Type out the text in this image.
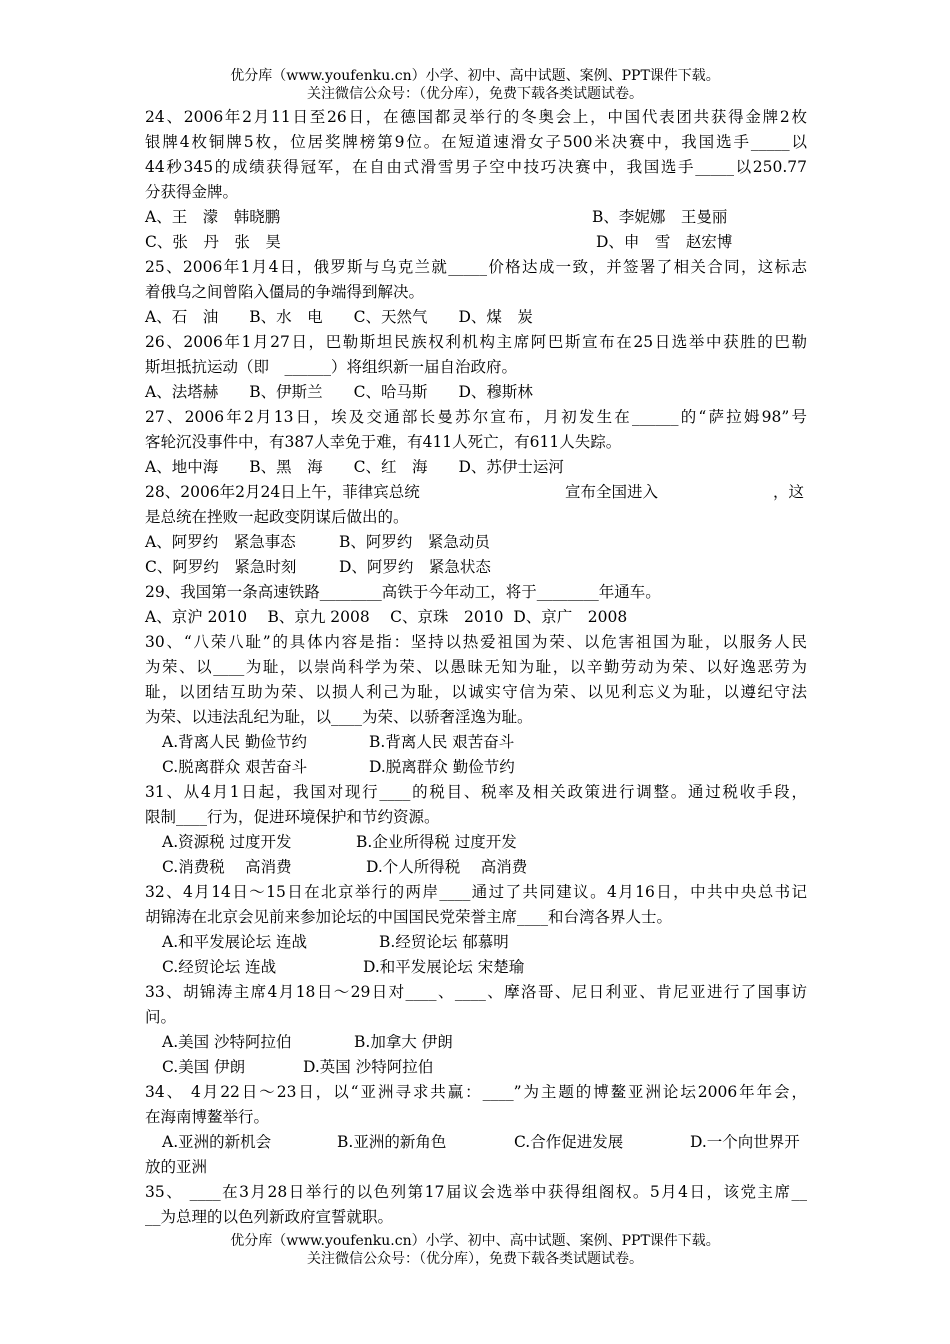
优分库（www.youfenku.cn）小学、初中、高中试题、案例、PPT课件下载。
关注微信公众号：（优分库），免费下载各类试题试卷。
24、2006年2月11日至26日，在德国都灵举行的冬奥会上，中国代表团共获得金牌2枚
银牌4枚铜牌5枚，位居奖牌榜第9位。在短道速滑女子500米决赛中，我国选手_____以
44秒345的成绩获得冠军，在自由式滑雪男子空中技巧决赛中，我国选手_____以250.77
分获得金牌。
A、王　濛　韩晓鹏	B、李妮娜　王曼丽
C、张　丹　张　昊	D、申　雪　赵宏博
25、2006年1月4日，俄罗斯与乌克兰就_____价格达成一致，并签署了相关合同，这标志
着俄乌之间曾陷入僵局的争端得到解决。
A、石　油　　B、水　电　　C、天然气　　D、煤　炭
26、2006年1月27日，巴勒斯坦民族权利机构主席阿巴斯宣布在25日选举中获胜的巴勒
斯坦抵抗运动（即　______）将组织新一届自治政府。
A、法塔赫　　B、伊斯兰　　C、哈马斯　　D、穆斯林
27、2006年2月13日，埃及交通部长曼苏尔宣布，月初发生在______的“萨拉姆98”号
客轮沉没事件中，有387人幸免于难，有411人死亡，有611人失踪。
A、地中海　　B、黑　海　　C、红　海　　D、苏伊士运河
28、2006年2月24日上午，菲律宾总统	宣布全国进入	，这
是总统在挫败一起政变阴谋后做出的。
A、阿罗约　紧急事态	B、阿罗约　紧急动员
C、阿罗约　紧急时刻	D、阿罗约　紧急状态
29、我国第一条高速铁路________高铁于今年动工，将于________年通车。
A、京沪 2010　 B、京九 2008　 C、京珠　2010  D、京广　2008
30、“八荣八耻”的具体内容是指：坚持以热爱祖国为荣、以危害祖国为耻，以服务人民
为荣、以____为耻，以崇尚科学为荣、以愚昧无知为耻，以辛勤劳动为荣、以好逸恶劳为
耻，以团结互助为荣、以损人利己为耻，以诚实守信为荣、以见利忘义为耻，以遵纪守法
为荣、以违法乱纪为耻，以____为荣、以骄奢淫逸为耻。
A.背离人民 勤俭节约	B.背离人民 艰苦奋斗
C.脱离群众 艰苦奋斗	D.脱离群众 勤俭节约
31、从4月1日起，我国对现行____的税目、税率及相关政策进行调整。通过税收手段，
限制____行为，促进环境保护和节约资源。
A.资源税 过度开发	B.企业所得税 过度开发
C.消费税　 高消费	D.个人所得税　 高消费
32、4月14日～15日在北京举行的两岸____通过了共同建议。4月16日，中共中央总书记
胡锦涛在北京会见前来参加论坛的中国国民党荣誉主席____和台湾各界人士。
A.和平发展论坛 连战	B.经贸论坛 郁慕明
C.经贸论坛 连战	D.和平发展论坛 宋楚瑜
33、胡锦涛主席4月18日～29日对____、____、摩洛哥、尼日利亚、肯尼亚进行了国事访
问。
A.美国 沙特阿拉伯	B.加拿大 伊朗
C.美国 伊朗	D.英国 沙特阿拉伯
34、 4月22日～23日，以“亚洲寻求共赢：____”为主题的博鳌亚洲论坛2006年年会，
在海南博鳌举行。
A.亚洲的新机会	B.亚洲的新角色	C.合作促进发展	D.一个向世界开
放的亚洲
35、 ____在3月28日举行的以色列第17届议会选举中获得组阁权。5月4日，该党主席__
__为总理的以色列新政府宣誓就职。
优分库（www.youfenku.cn）小学、初中、高中试题、案例、PPT课件下载。
关注微信公众号：（优分库），免费下载各类试题试卷。
